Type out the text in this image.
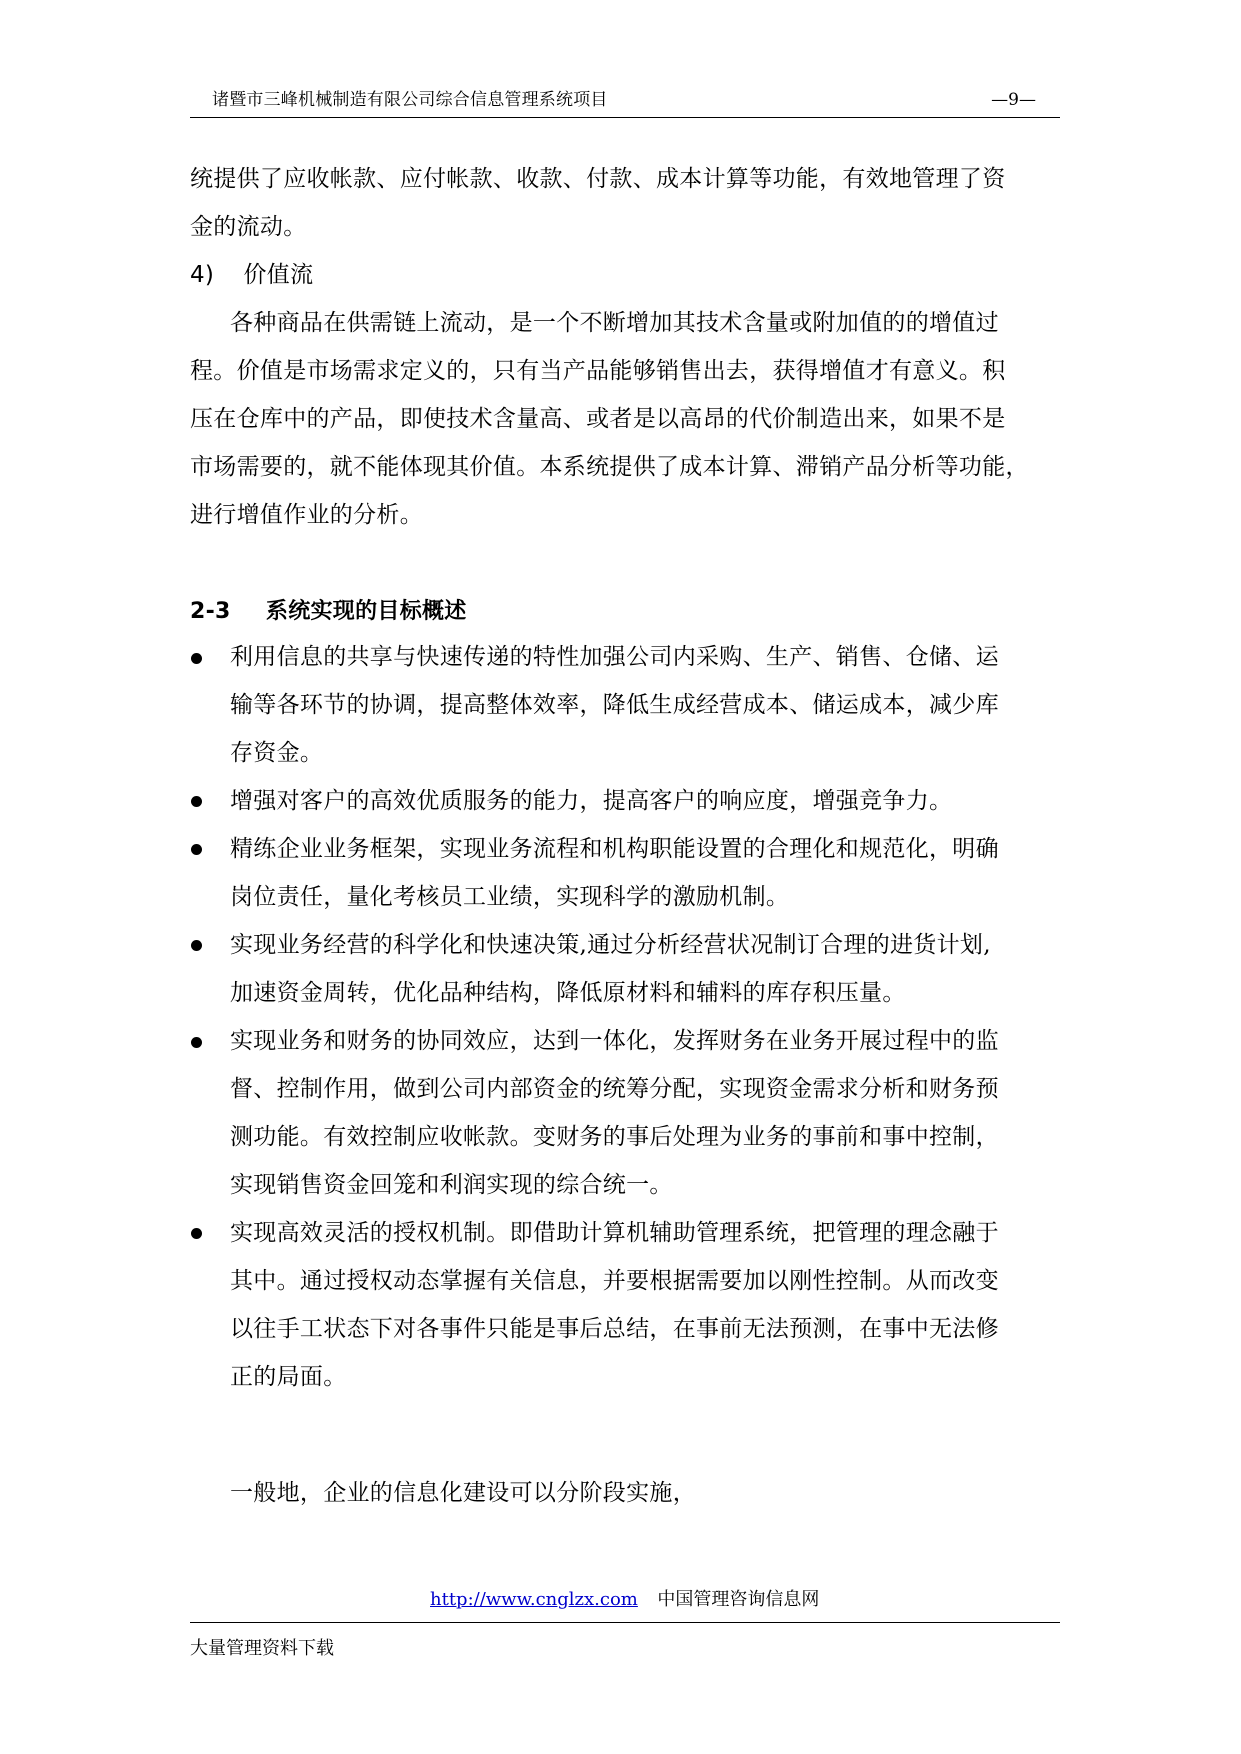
诸暨市三峰机械制造有限公司综合信息管理系统项目	—9—
统提供了应收帐款、应付帐款、收款、付款、成本计算等功能，有效地管理了资
金的流动。
4) 价值流
各种商品在供需链上流动，是一个不断增加其技术含量或附加值的的增值过
程。价值是市场需求定义的，只有当产品能够销售出去，获得增值才有意义。积
压在仓库中的产品，即使技术含量高、或者是以高昂的代价制造出来，如果不是
市场需要的，就不能体现其价值。本系统提供了成本计算、滞销产品分析等功能，
进行增值作业的分析。
2-3 系统实现的目标概述
利用信息的共享与快速传递的特性加强公司内采购、生产、销售、仓储、运
输等各环节的协调，提高整体效率，降低生成经营成本、储运成本，减少库
存资金。
增强对客户的高效优质服务的能力，提高客户的响应度，增强竞争力。
精练企业业务框架，实现业务流程和机构职能设置的合理化和规范化，明确
岗位责任，量化考核员工业绩，实现科学的激励机制。
实现业务经营的科学化和快速决策,通过分析经营状况制订合理的进货计划,
加速资金周转，优化品种结构，降低原材料和辅料的库存积压量。
实现业务和财务的协同效应，达到一体化，发挥财务在业务开展过程中的监
督、控制作用，做到公司内部资金的统筹分配，实现资金需求分析和财务预
测功能。有效控制应收帐款。变财务的事后处理为业务的事前和事中控制，
实现销售资金回笼和利润实现的综合统一。
实现高效灵活的授权机制。即借助计算机辅助管理系统，把管理的理念融于
其中。通过授权动态掌握有关信息，并要根据需要加以刚性控制。从而改变
以往手工状态下对各事件只能是事后总结，在事前无法预测，在事中无法修
正的局面。
一般地，企业的信息化建设可以分阶段实施，
http://www.cnglzx.com 中国管理咨询信息网
大量管理资料下载
